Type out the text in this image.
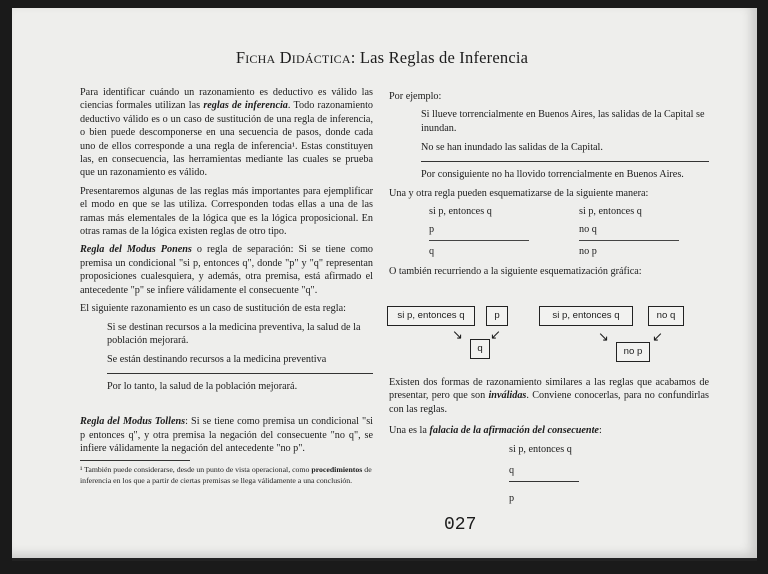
Ficha Didáctica: Las Reglas de Inferencia

Para identificar cuándo un razonamiento es deductivo es válido las ciencias formales utilizan las reglas de inferencia. Todo razonamiento deductivo válido es o un caso de sustitución de una regla de inferencia, o bien puede descomponerse en una secuencia de pasos, donde cada uno de ellos corresponde a una regla de inferencia¹. Estas constituyen las, en consecuencia, las herramientas mediante las cuales se prueba que un razonamiento es válido.

Presentaremos algunas de las reglas más importantes para ejemplificar el modo en que se las utiliza. Corresponden todas ellas a una de las ramas más elementales de la lógica que es la lógica proposicional. En otras ramas de la lógica existen reglas de otro tipo.

Regla del Modus Ponens o regla de separación: Si se tiene como premisa un condicional "si p, entonces q", donde "p" y "q" representan proposiciones cualesquiera, y además, otra premisa, está afirmado el antecedente "p" se infiere válidamente el consecuente "q".

El siguiente razonamiento es un caso de sustitución de esta regla:

Si se destinan recursos a la medicina preventiva, la salud de la población mejorará.

Se están destinando recursos a la medicina preventiva

Por lo tanto, la salud de la población mejorará.

Regla del Modus Tollens: Si se tiene como premisa un condicional "si p entonces q", y otra premisa la negación del consecuente "no q", se infiere válidamente la negación del antecedente "no p".

¹ También puede considerarse, desde un punto de vista operacional, como procedimientos de inferencia en los que a partir de ciertas premisas se llega válidamente a una conclusión.

Por ejemplo:

Si llueve torrencialmente en Buenos Aires, las salidas de la Capital se inundan.

No se han inundado las salidas de la Capital.

Por consiguiente no ha llovido torrencialmente en Buenos Aires.

Una y otra regla pueden esquematizarse de la siguiente manera:

si p, entonces q	si p, entonces q
p	no q
q	no p

O también recurriendo a la siguiente esquematización gráfica:

si p, entonces q	p
q
↘ ↙
si p, entonces q	no q
no p
↘	↙

Existen dos formas de razonamiento similares a las reglas que acabamos de presentar, pero que son inválidas. Conviene conocerlas, para no confundirlas con las reglas.

Una es la falacia de la afirmación del consecuente:

si p, entonces q
q
p
027
